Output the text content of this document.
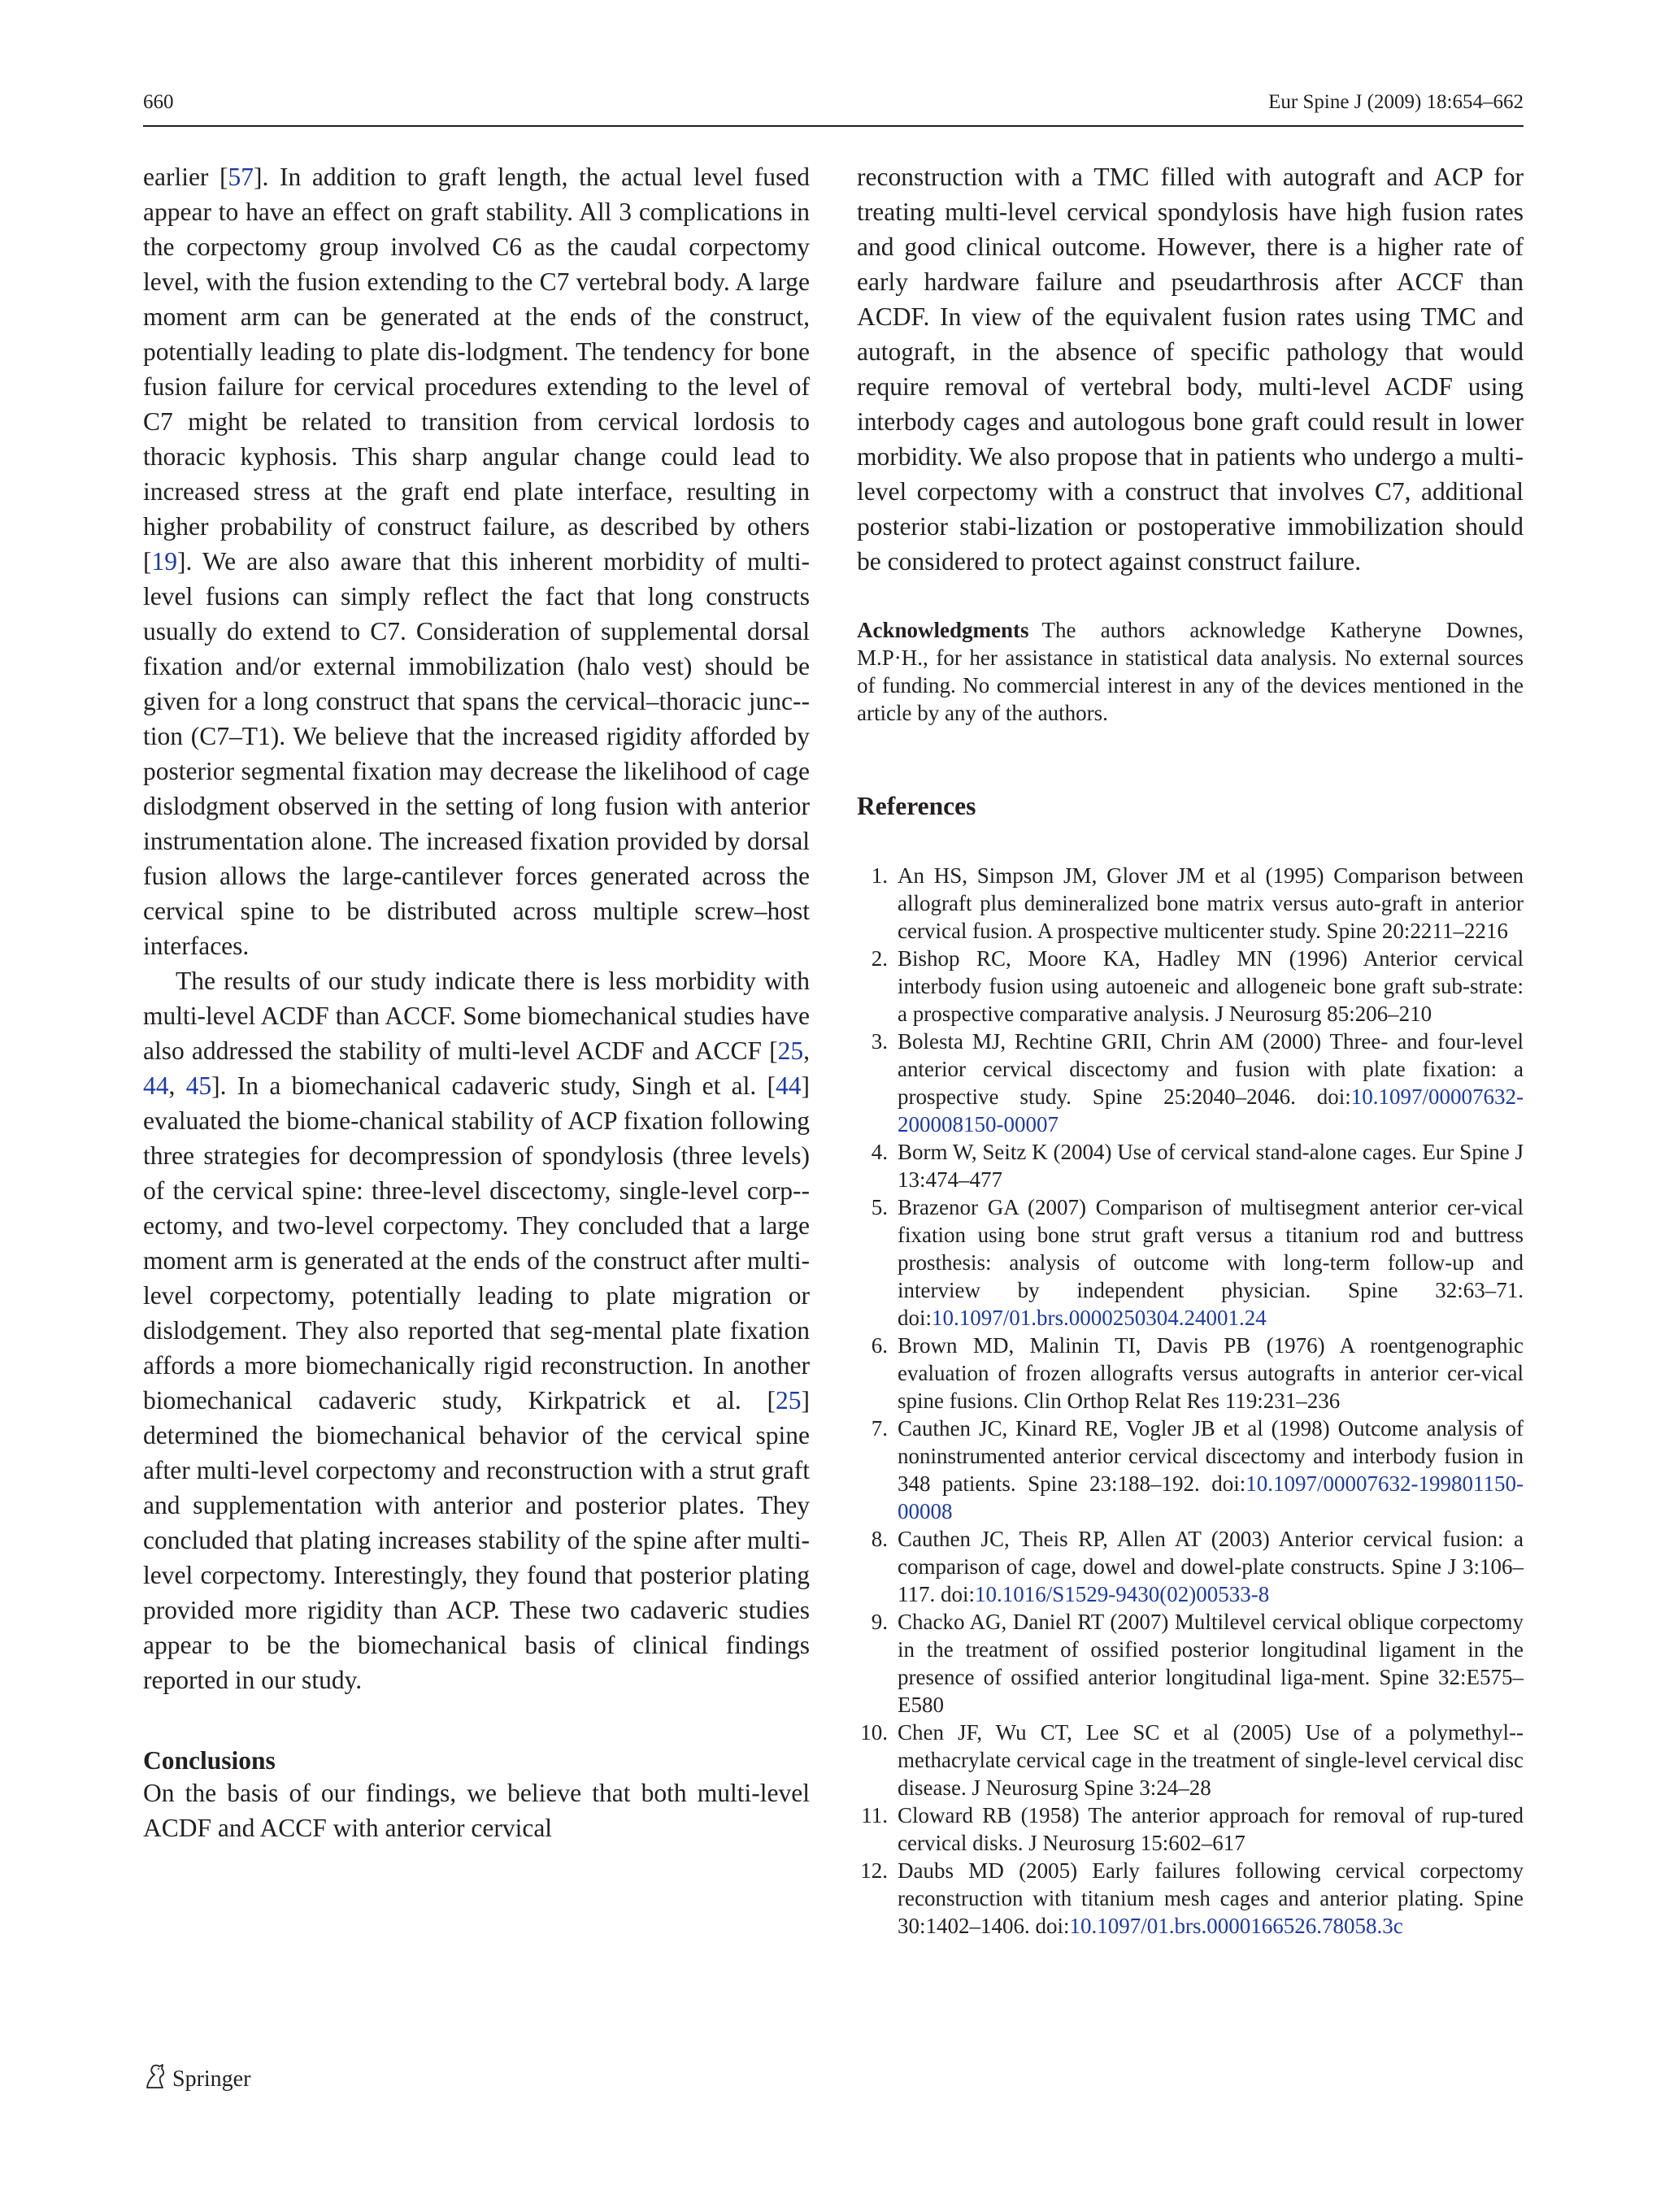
660	Eur Spine J (2009) 18:654–662

earlier [57]. In addition to graft length, the actual level fused appear to have an effect on graft stability. All 3 complications in the corpectomy group involved C6 as the caudal corpectomy level, with the fusion extending to the C7 vertebral body. A large moment arm can be generated at the ends of the construct, potentially leading to plate dis-lodgment. The tendency for bone fusion failure for cervical procedures extending to the level of C7 might be related to transition from cervical lordosis to thoracic kyphosis. This sharp angular change could lead to increased stress at the graft end plate interface, resulting in higher probability of construct failure, as described by others [19]. We are also aware that this inherent morbidity of multi-level fusions can simply reflect the fact that long constructs usually do extend to C7. Consideration of supplemental dorsal fixation and/or external immobilization (halo vest) should be given for a long construct that spans the cervical–thoracic junc-tion (C7–T1). We believe that the increased rigidity afforded by posterior segmental fixation may decrease the likelihood of cage dislodgment observed in the setting of long fusion with anterior instrumentation alone. The increased fixation provided by dorsal fusion allows the large-cantilever forces generated across the cervical spine to be distributed across multiple screw–host interfaces.

The results of our study indicate there is less morbidity with multi-level ACDF than ACCF. Some biomechanical studies have also addressed the stability of multi-level ACDF and ACCF [25, 44, 45]. In a biomechanical cadaveric study, Singh et al. [44] evaluated the biome-chanical stability of ACP fixation following three strategies for decompression of spondylosis (three levels) of the cervical spine: three-level discectomy, single-level corp-ectomy, and two-level corpectomy. They concluded that a large moment arm is generated at the ends of the construct after multi-level corpectomy, potentially leading to plate migration or dislodgement. They also reported that seg-mental plate fixation affords a more biomechanically rigid reconstruction. In another biomechanical cadaveric study, Kirkpatrick et al. [25] determined the biomechanical behavior of the cervical spine after multi-level corpectomy and reconstruction with a strut graft and supplementation with anterior and posterior plates. They concluded that plating increases stability of the spine after multi-level corpectomy. Interestingly, they found that posterior plating provided more rigidity than ACP. These two cadaveric studies appear to be the biomechanical basis of clinical findings reported in our study.

Conclusions

On the basis of our findings, we believe that both multi-level ACDF and ACCF with anterior cervical

reconstruction with a TMC filled with autograft and ACP for treating multi-level cervical spondylosis have high fusion rates and good clinical outcome. However, there is a higher rate of early hardware failure and pseudarthrosis after ACCF than ACDF. In view of the equivalent fusion rates using TMC and autograft, in the absence of specific pathology that would require removal of vertebral body, multi-level ACDF using interbody cages and autologous bone graft could result in lower morbidity. We also propose that in patients who undergo a multi-level corpectomy with a construct that involves C7, additional posterior stabi-lization or postoperative immobilization should be considered to protect against construct failure.

Acknowledgments The authors acknowledge Katheryne Downes, M.P·H., for her assistance in statistical data analysis. No external sources of funding. No commercial interest in any of the devices mentioned in the article by any of the authors.
References
1. An HS, Simpson JM, Glover JM et al (1995) Comparison between allograft plus demineralized bone matrix versus auto-graft in anterior cervical fusion. A prospective multicenter study. Spine 20:2211–2216
2. Bishop RC, Moore KA, Hadley MN (1996) Anterior cervical interbody fusion using autoeneic and allogeneic bone graft sub-strate: a prospective comparative analysis. J Neurosurg 85:206–210
3. Bolesta MJ, Rechtine GRII, Chrin AM (2000) Three- and four-level anterior cervical discectomy and fusion with plate fixation: a prospective study. Spine 25:2040–2046. doi:10.1097/00007632-200008150-00007
4. Borm W, Seitz K (2004) Use of cervical stand-alone cages. Eur Spine J 13:474–477
5. Brazenor GA (2007) Comparison of multisegment anterior cer-vical fixation using bone strut graft versus a titanium rod and buttress prosthesis: analysis of outcome with long-term follow-up and interview by independent physician. Spine 32:63–71. doi:10.1097/01.brs.0000250304.24001.24
6. Brown MD, Malinin TI, Davis PB (1976) A roentgenographic evaluation of frozen allografts versus autografts in anterior cer-vical spine fusions. Clin Orthop Relat Res 119:231–236
7. Cauthen JC, Kinard RE, Vogler JB et al (1998) Outcome analysis of noninstrumented anterior cervical discectomy and interbody fusion in 348 patients. Spine 23:188–192. doi:10.1097/00007632-199801150-00008
8. Cauthen JC, Theis RP, Allen AT (2003) Anterior cervical fusion: a comparison of cage, dowel and dowel-plate constructs. Spine J 3:106–117. doi:10.1016/S1529-9430(02)00533-8
9. Chacko AG, Daniel RT (2007) Multilevel cervical oblique corpectomy in the treatment of ossified posterior longitudinal ligament in the presence of ossified anterior longitudinal liga-ment. Spine 32:E575–E580
10. Chen JF, Wu CT, Lee SC et al (2005) Use of a polymethyl-methacrylate cervical cage in the treatment of single-level cervical disc disease. J Neurosurg Spine 3:24–28
11. Cloward RB (1958) The anterior approach for removal of rup-tured cervical disks. J Neurosurg 15:602–617
12. Daubs MD (2005) Early failures following cervical corpectomy reconstruction with titanium mesh cages and anterior plating. Spine 30:1402–1406. doi:10.1097/01.brs.0000166526.78058.3c
Springer
